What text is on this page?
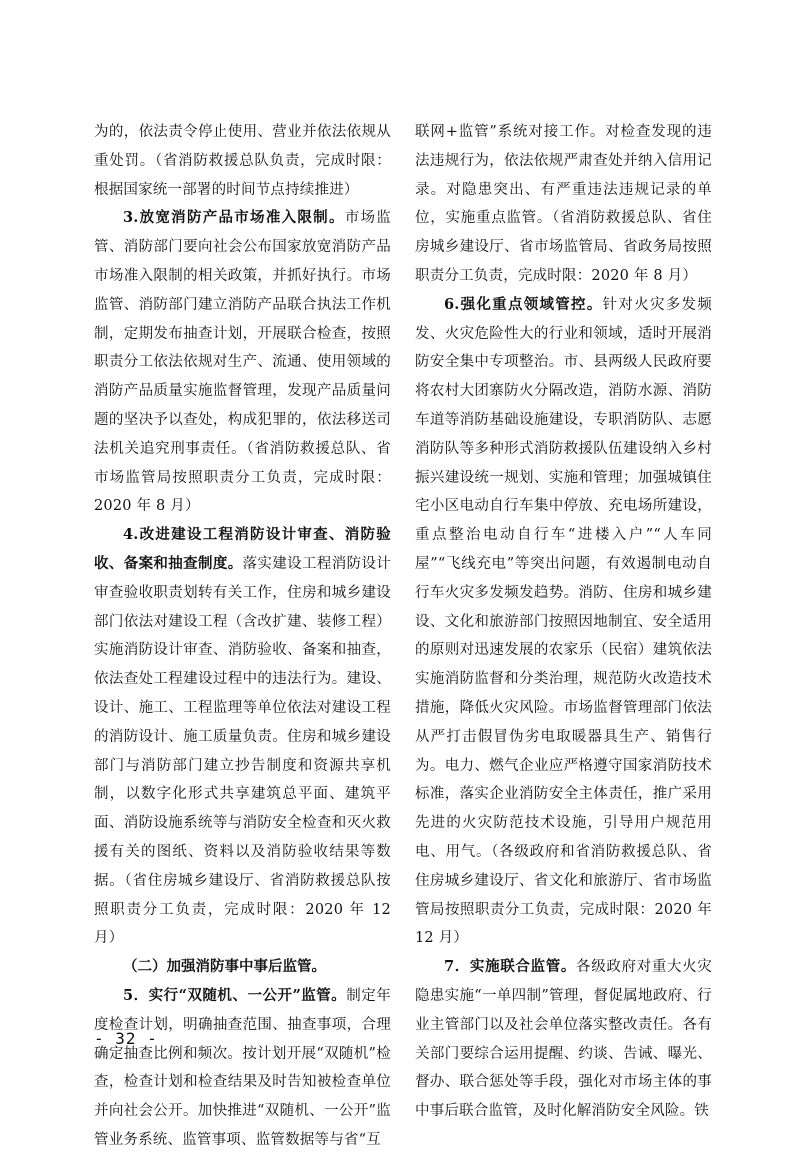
为的，依法责令停止使用、营业并依法依规从重处罚。（省消防救援总队负责，完成时限：根据国家统一部署的时间节点持续推进）

3.放宽消防产品市场准入限制。市场监管、消防部门要向社会公布国家放宽消防产品市场准入限制的相关政策，并抓好执行。市场监管、消防部门建立消防产品联合执法工作机制，定期发布抽查计划，开展联合检查，按照职责分工依法依规对生产、流通、使用领域的消防产品质量实施监督管理，发现产品质量问题的坚决予以查处，构成犯罪的，依法移送司法机关追究刑事责任。（省消防救援总队、省市场监管局按照职责分工负责，完成时限：2020 年 8 月）

4.改进建设工程消防设计审查、消防验收、备案和抽查制度。落实建设工程消防设计审查验收职责划转有关工作，住房和城乡建设部门依法对建设工程（含改扩建、装修工程）实施消防设计审查、消防验收、备案和抽查，依法查处工程建设过程中的违法行为。建设、设计、施工、工程监理等单位依法对建设工程的消防设计、施工质量负责。住房和城乡建设部门与消防部门建立抄告制度和资源共享机制，以数字化形式共享建筑总平面、建筑平面、消防设施系统等与消防安全检查和灭火救援有关的图纸、资料以及消防验收结果等数据。（省住房城乡建设厅、省消防救援总队按照职责分工负责，完成时限：2020 年 12 月）

（二）加强消防事中事后监管。

5．实行“双随机、一公开”监管。制定年度检查计划，明确抽查范围、抽查事项，合理确定抽查比例和频次。按计划开展“双随机”检查，检查计划和检查结果及时告知被检查单位并向社会公开。加快推进“双随机、一公开”监管业务系统、监管事项、监管数据等与省“互

联网+监管”系统对接工作。对检查发现的违法违规行为，依法依规严肃查处并纳入信用记录。对隐患突出、有严重违法违规记录的单位，实施重点监管。（省消防救援总队、省住房城乡建设厅、省市场监管局、省政务局按照职责分工负责，完成时限：2020 年 8 月）

6.强化重点领域管控。针对火灾多发频发、火灾危险性大的行业和领域，适时开展消防安全集中专项整治。市、县两级人民政府要将农村大团寨防火分隔改造，消防水源、消防车道等消防基础设施建设，专职消防队、志愿消防队等多种形式消防救援队伍建设纳入乡村振兴建设统一规划、实施和管理；加强城镇住宅小区电动自行车集中停放、充电场所建设，重点整治电动自行车“进楼入户”“人车同屋”“飞线充电”等突出问题，有效遏制电动自行车火灾多发频发趋势。消防、住房和城乡建设、文化和旅游部门按照因地制宜、安全适用的原则对迅速发展的农家乐（民宿）建筑依法实施消防监督和分类治理，规范防火改造技术措施，降低火灾风险。市场监督管理部门依法从严打击假冒伪劣电取暖器具生产、销售行为。电力、燃气企业应严格遵守国家消防技术标准，落实企业消防安全主体责任，推广采用先进的火灾防范技术设施，引导用户规范用电、用气。（各级政府和省消防救援总队、省住房城乡建设厅、省文化和旅游厅、省市场监管局按照职责分工负责，完成时限：2020 年 12 月）

7．实施联合监管。各级政府对重大火灾隐患实施“一单四制”管理，督促属地政府、行业主管部门以及社会单位落实整改责任。各有关部门要综合运用提醒、约谈、告诫、曝光、督办、联合惩处等手段，强化对市场主体的事中事后联合监管，及时化解消防安全风险。铁

- 32 -
